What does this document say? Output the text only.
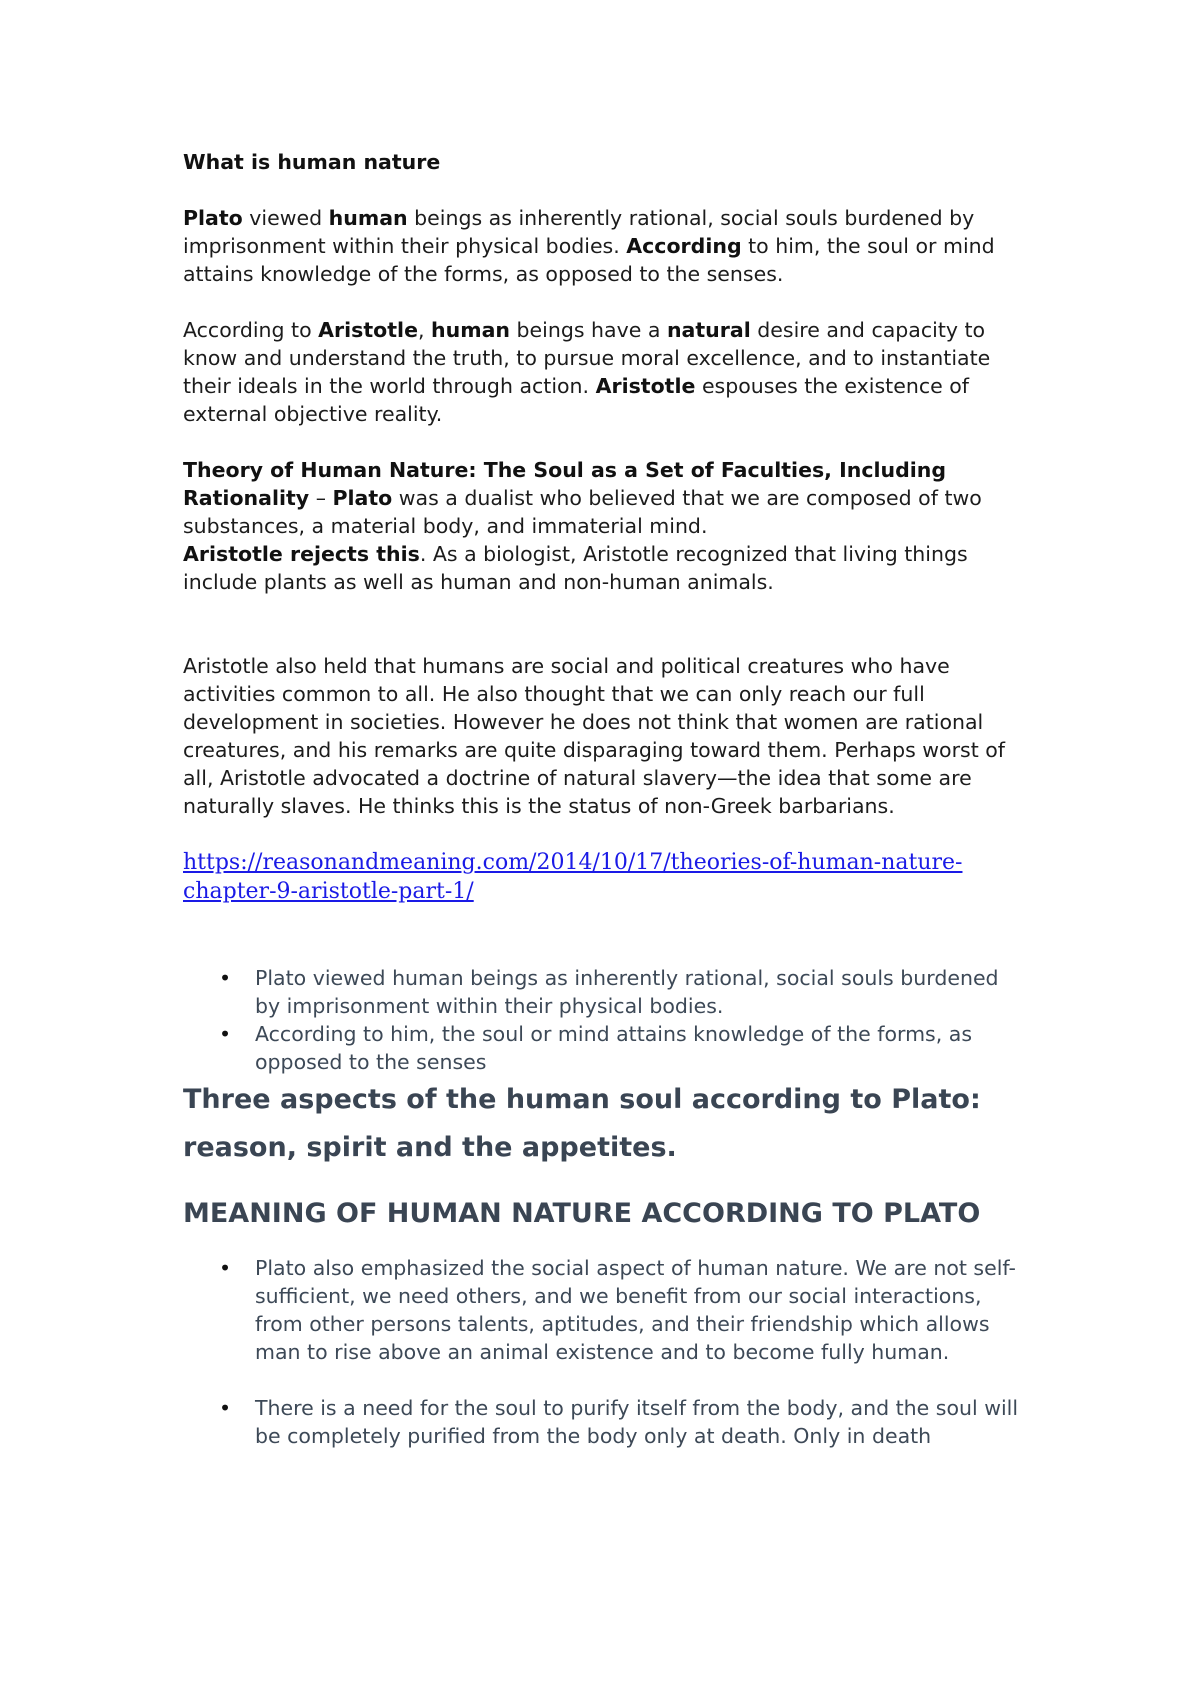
What is human nature

Plato viewed human beings as inherently rational, social souls burdened by imprisonment within their physical bodies. According to him, the soul or mind attains knowledge of the forms, as opposed to the senses.

According to Aristotle, human beings have a natural desire and capacity to know and understand the truth, to pursue moral excellence, and to instantiate their ideals in the world through action. Aristotle espouses the existence of external objective reality.

Theory of Human Nature: The Soul as a Set of Faculties, Including Rationality – Plato was a dualist who believed that we are composed of two substances, a material body, and immaterial mind.

Aristotle rejects this. As a biologist, Aristotle recognized that living things include plants as well as human and non-human animals.

Aristotle also held that humans are social and political creatures who have activities common to all. He also thought that we can only reach our full development in societies. However he does not think that women are rational creatures, and his remarks are quite disparaging toward them. Perhaps worst of all, Aristotle advocated a doctrine of natural slavery—the idea that some are naturally slaves. He thinks this is the status of non-Greek barbarians.

https://reasonandmeaning.com/2014/10/17/theories-of-human-nature-chapter-9-aristotle-part-1/
• Plato viewed human beings as inherently rational, social souls burdened by imprisonment within their physical bodies.
• According to him, the soul or mind attains knowledge of the forms, as opposed to the senses

Three aspects of the human soul according to Plato: reason, spirit and the appetites.

MEANING OF HUMAN NATURE ACCORDING TO PLATO

• Plato also emphasized the social aspect of human nature. We are not self-sufficient, we need others, and we benefit from our social interactions, from other persons talents, aptitudes, and their friendship which allows man to rise above an animal existence and to become fully human.
• There is a need for the soul to purify itself from the body, and the soul will be completely purified from the body only at death. Only in death
